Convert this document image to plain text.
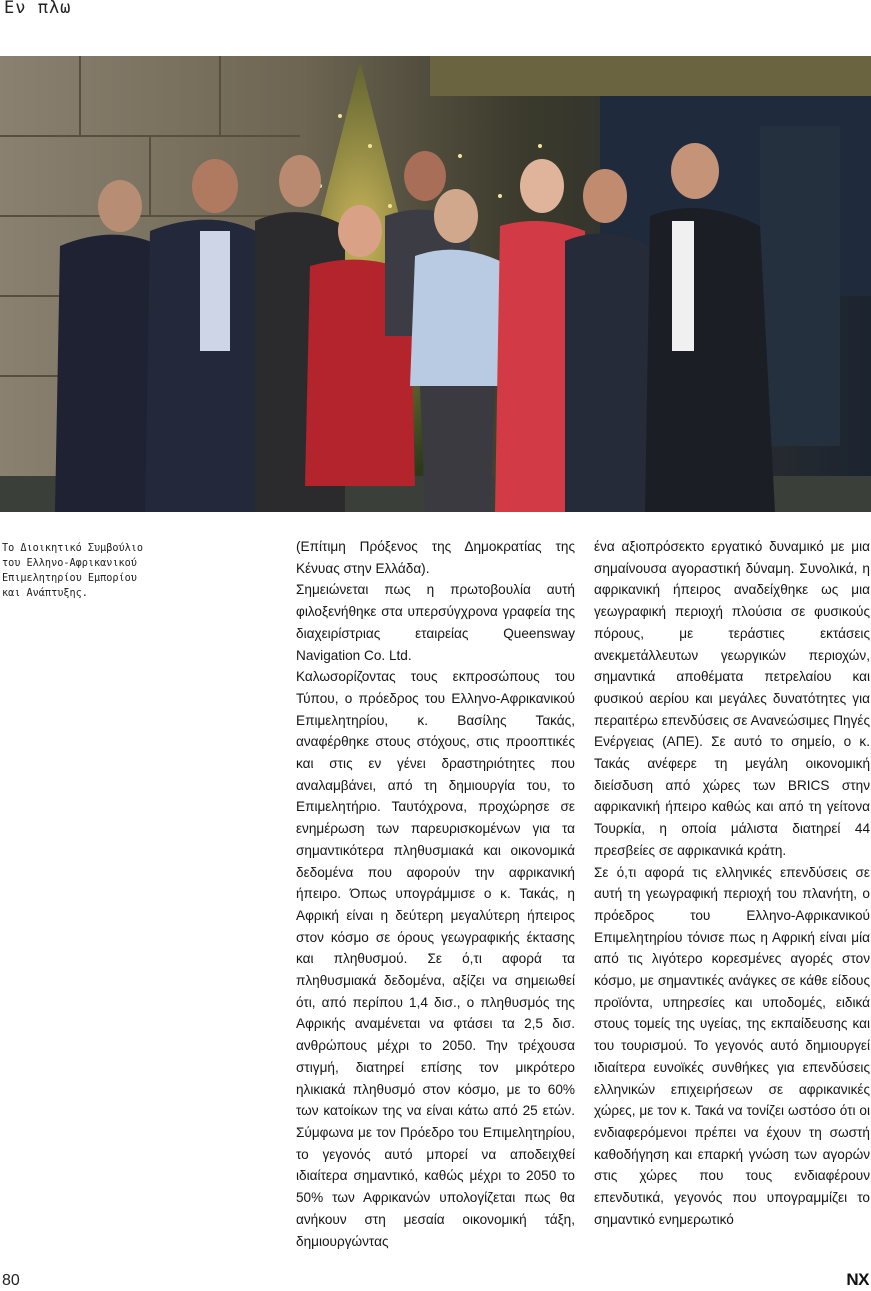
Εν πλω
Το Διοικητικό Συμβούλιο
του Ελληνο-Αφρικανικού
Επιμελητηρίου Εμπορίου
και Ανάπτυξης.

(Επίτιμη Πρόξενος της Δημοκρατίας της Κένυας στην Ελλάδα).

Σημειώνεται πως η πρωτοβουλία αυτή φιλοξενήθηκε στα υπερσύγχρονα γραφεία της διαχειρίστριας εταιρείας Queensway Navigation Co. Ltd.

Καλωσορίζοντας τους εκπροσώπους του Τύπου, ο πρόεδρος του Ελληνο-Αφρικανικού Επιμελητηρίου, κ. Βασίλης Τακάς, αναφέρθηκε στους στόχους, στις προοπτικές και στις εν γένει δραστηριότητες που αναλαμβάνει, από τη δημιουργία του, το Επιμελητήριο. Ταυτόχρονα, προχώρησε σε ενημέρωση των παρευρισκομένων για τα σημαντικότερα πληθυσμιακά και οικονομικά δεδομένα που αφορούν την αφρικανική ήπειρο. Όπως υπογράμμισε ο κ. Τακάς, η Αφρική είναι η δεύτερη μεγαλύτερη ήπειρος στον κόσμο σε όρους γεωγραφικής έκτασης και πληθυσμού. Σε ό,τι αφορά τα πληθυσμιακά δεδομένα, αξίζει να σημειωθεί ότι, από περίπου 1,4 δισ., ο πληθυσμός της Αφρικής αναμένεται να φτάσει τα 2,5 δισ. ανθρώπους μέχρι το 2050. Την τρέχουσα στιγμή, διατηρεί επίσης τον μικρότερο ηλικιακά πληθυσμό στον κόσμο, με το 60% των κατοίκων της να είναι κάτω από 25 ετών. Σύμφωνα με τον Πρόεδρο του Επιμελητηρίου, το γεγονός αυτό μπορεί να αποδειχθεί ιδιαίτερα σημαντικό, καθώς μέχρι το 2050 το 50% των Αφρικανών υπολογίζεται πως θα ανήκουν στη μεσαία οικονομική τάξη, δημιουργώντας

ένα αξιοπρόσεκτο εργατικό δυναμικό με μια σημαίνουσα αγοραστική δύναμη. Συνολικά, η αφρικανική ήπειρος αναδείχθηκε ως μια γεωγραφική περιοχή πλούσια σε φυσικούς πόρους, με τεράστιες εκτάσεις ανεκμετάλλευτων γεωργικών περιοχών, σημαντικά αποθέματα πετρελαίου και φυσικού αερίου και μεγάλες δυνατότητες για περαιτέρω επενδύσεις σε Ανανεώσιμες Πηγές Ενέργειας (ΑΠΕ). Σε αυτό το σημείο, ο κ. Τακάς ανέφερε τη μεγάλη οικονομική διείσδυση από χώρες των BRICS στην αφρικανική ήπειρο καθώς και από τη γείτονα Τουρκία, η οποία μάλιστα διατηρεί 44 πρεσβείες σε αφρικανικά κράτη.

Σε ό,τι αφορά τις ελληνικές επενδύσεις σε αυτή τη γεωγραφική περιοχή του πλανήτη, ο πρόεδρος του Ελληνο-Αφρικανικού Επιμελητηρίου τόνισε πως η Αφρική είναι μία από τις λιγότερο κορεσμένες αγορές στον κόσμο, με σημαντικές ανάγκες σε κάθε είδους προϊόντα, υπηρεσίες και υποδομές, ειδικά στους τομείς της υγείας, της εκπαίδευσης και του τουρισμού. Το γεγονός αυτό δημιουργεί ιδιαίτερα ευνοϊκές συνθήκες για επενδύσεις ελληνικών επιχειρήσεων σε αφρικανικές χώρες, με τον κ. Τακά να τονίζει ωστόσο ότι οι ενδιαφερόμενοι πρέπει να έχουν τη σωστή καθοδήγηση και επαρκή γνώση των αγορών στις χώρες που τους ενδιαφέρουν επενδυτικά, γεγονός που υπογραμμίζει το σημαντικό ενημερωτικό

80	NX
